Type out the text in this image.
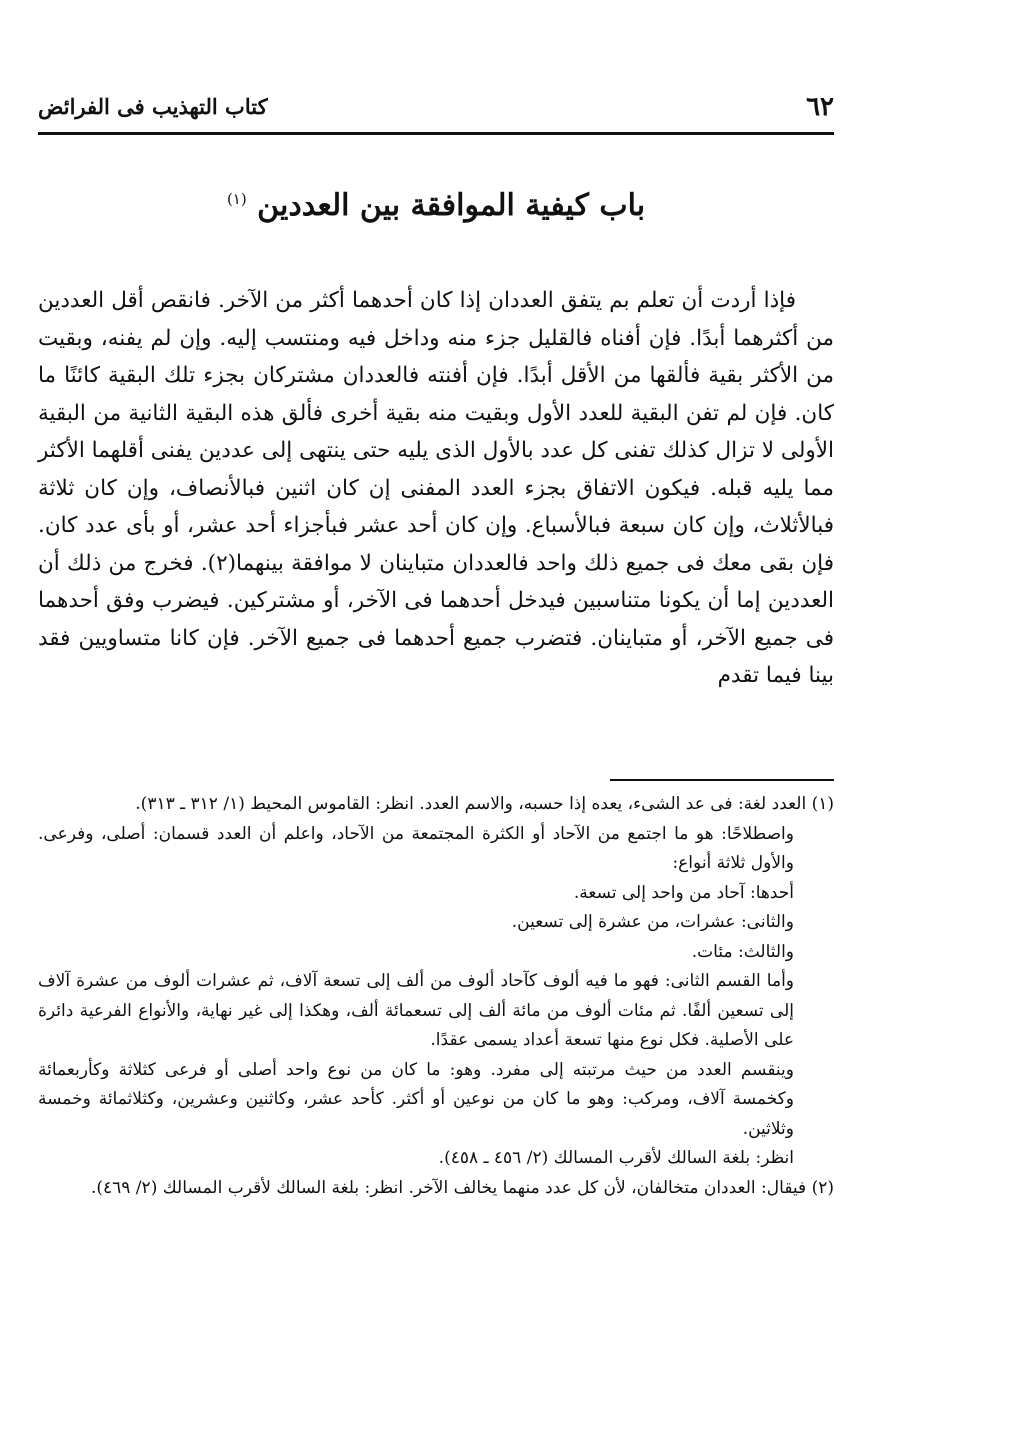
٦٢
كتاب التهذيب فى الفرائض
باب كيفية الموافقة بين العددين $^{(١)}$

فإذا أردت أن تعلم بم يتفق العددان إذا كان أحدهما أكثر من الآخر. فانقص أقل العددين من أكثرهما أبدًا. فإن أفناه فالقليل جزء منه وداخل فيه ومنتسب إليه. وإن لم يفنه، وبقيت من الأكثر بقية فألقها من الأقل أبدًا. فإن أفنته فالعددان مشتركان بجزء تلك البقية كائنًا ما كان. فإن لم تفن البقية للعدد الأول وبقيت منه بقية أخرى فألق هذه البقية الثانية من البقية الأولى لا تزال كذلك تفنى كل عدد بالأول الذى يليه حتى ينتهى إلى عددين يفنى أقلهما الأكثر مما يليه قبله. فيكون الاتفاق بجزء العدد المفنى إن كان اثنين فبالأنصاف، وإن كان ثلاثة فبالأثلاث، وإن كان سبعة فبالأسباع. وإن كان أحد عشر فبأجزاء أحد عشر، أو بأى عدد كان. فإن بقى معك فى جميع ذلك واحد فالعددان متباينان لا موافقة بينهما(٢). فخرج من ذلك أن العددين إما أن يكونا متناسبين فيدخل أحدهما فى الآخر، أو مشتركين. فيضرب وفق أحدهما فى جميع الآخر، أو متباينان. فتضرب جميع أحدهما فى جميع الآخر. فإن كانا متساويين فقد بينا فيما تقدم

(١) العدد لغة: فى عد الشىء، يعده إذا حسبه، والاسم العدد. انظر: القاموس المحيط (١/ ٣١٢ ـ ٣١٣).

واصطلاحًا: هو ما اجتمع من الآحاد أو الكثرة المجتمعة من الآحاد، واعلم أن العدد قسمان: أصلى، وفرعى. والأول ثلاثة أنواع:

أحدها: آحاد من واحد إلى تسعة.

والثانى: عشرات، من عشرة إلى تسعين.

والثالث: مئات.

وأما القسم الثانى: فهو ما فيه ألوف كآحاد ألوف من ألف إلى تسعة آلاف، ثم عشرات ألوف من عشرة آلاف إلى تسعين ألفًا. ثم مئات ألوف من مائة ألف إلى تسعمائة ألف، وهكذا إلى غير نهاية، والأنواع الفرعية دائرة على الأصلية. فكل نوع منها تسعة أعداد يسمى عقدًا.

وينقسم العدد من حيث مرتبته إلى مفرد. وهو: ما كان من نوع واحد أصلى أو فرعى كثلاثة وكأربعمائة وكخمسة آلاف، ومركب: وهو ما كان من نوعين أو أكثر. كأحد عشر، وكاثنين وعشرين، وكثلاثمائة وخمسة وثلاثين.

انظر: بلغة السالك لأقرب المسالك (٢/ ٤٥٦ ـ ٤٥٨).

(٢) فيقال: العددان متخالفان، لأن كل عدد منهما يخالف الآخر. انظر: بلغة السالك لأقرب المسالك (٢/ ٤٦٩).
